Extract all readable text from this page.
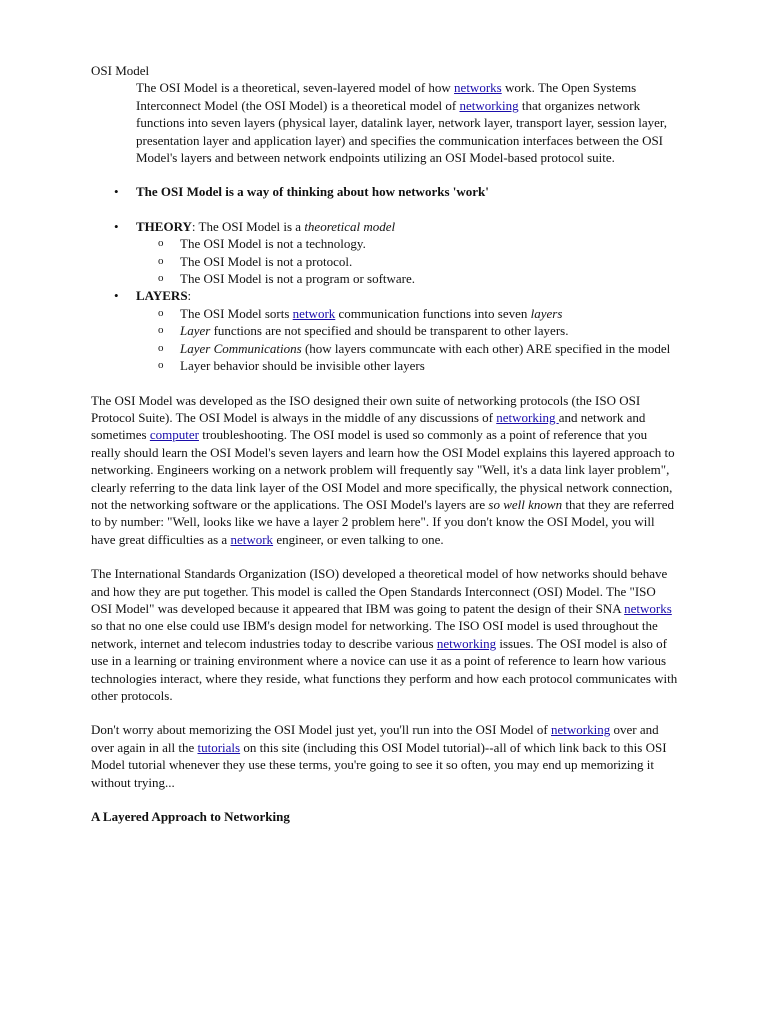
OSI Model

The OSI Model is a theoretical, seven-layered model of how networks work. The Open Systems Interconnect Model (the OSI Model) is a theoretical model of networking that organizes network functions into seven layers (physical layer, datalink layer, network layer, transport layer, session layer, presentation layer and application layer) and specifies the communication interfaces between the OSI Model's layers and between network endpoints utilizing an OSI Model-based protocol suite.

• The OSI Model is a way of thinking about how networks 'work'
• THEORY: The OSI Model is a theoretical model
o The OSI Model is not a technology.
o The OSI Model is not a protocol.
o The OSI Model is not a program or software.
• LAYERS:
o The OSI Model sorts network communication functions into seven layers
o Layer functions are not specified and should be transparent to other layers.
o Layer Communications (how layers communcate with each other) ARE specified in the model
o Layer behavior should be invisible other layers

The OSI Model was developed as the ISO designed their own suite of networking protocols (the ISO OSI Protocol Suite). The OSI Model is always in the middle of any discussions of networking and network and sometimes computer troubleshooting. The OSI model is used so commonly as a point of reference that you really should learn the OSI Model's seven layers and learn how the OSI Model explains this layered approach to networking. Engineers working on a network problem will frequently say "Well, it's a data link layer problem", clearly referring to the data link layer of the OSI Model and more specifically, the physical network connection, not the networking software or the applications. The OSI Model's layers are so well known that they are referred to by number: "Well, looks like we have a layer 2 problem here". If you don't know the OSI Model, you will have great difficulties as a network engineer, or even talking to one.

The International Standards Organization (ISO) developed a theoretical model of how networks should behave and how they are put together. This model is called the Open Standards Interconnect (OSI) Model. The "ISO OSI Model" was developed because it appeared that IBM was going to patent the design of their SNA networks so that no one else could use IBM's design model for networking. The ISO OSI model is used throughout the network, internet and telecom industries today to describe various networking issues. The OSI model is also of use in a learning or training environment where a novice can use it as a point of reference to learn how various technologies interact, where they reside, what functions they perform and how each protocol communicates with other protocols.

Don't worry about memorizing the OSI Model just yet, you'll run into the OSI Model of networking over and over again in all the tutorials on this site (including this OSI Model tutorial)--all of which link back to this OSI Model tutorial whenever they use these terms, you're going to see it so often, you may end up memorizing it without trying...

A Layered Approach to Networking
